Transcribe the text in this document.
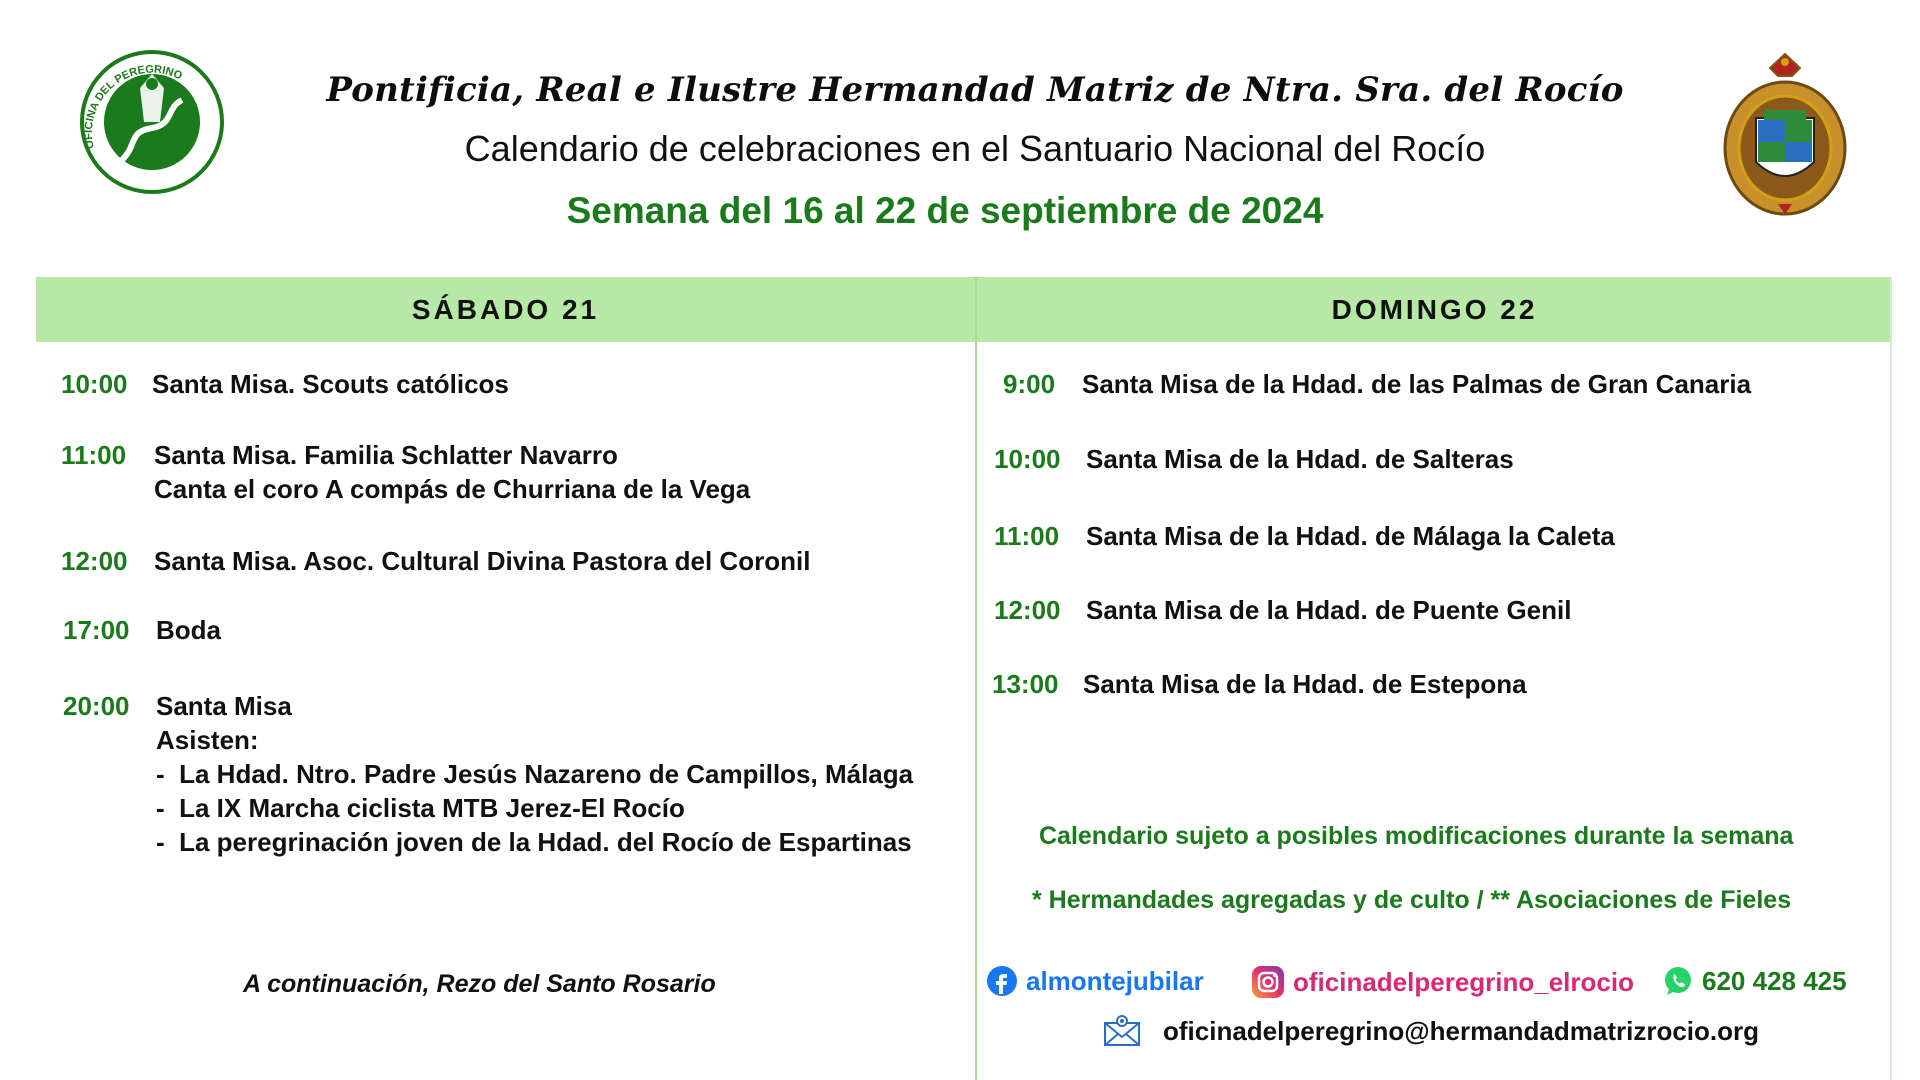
OFICINA DEL PEREGRINO	Pontificia, Real e Ilustre Hermandad Matriz de Ntra. Sra. del Rocío
Calendario de celebraciones en el Santuario Nacional del Rocío
Semana del 16 al 22 de septiembre de 2024
SÁBADO 21	DOMINGO 22
10:00 Santa Misa. Scouts católicos
11:00 Santa Misa. Familia Schlatter Navarro
Canta el coro A compás de Churriana de la Vega
12:00 Santa Misa. Asoc. Cultural Divina Pastora del Coronil
17:00 Boda
20:00 Santa Misa
Asisten:
-  La Hdad. Ntro. Padre Jesús Nazareno de Campillos, Málaga
-  La IX Marcha ciclista MTB Jerez-El Rocío
-  La peregrinación joven de la Hdad. del Rocío de Espartinas
A continuación, Rezo del Santo Rosario
9:00 Santa Misa de la Hdad. de las Palmas de Gran Canaria
10:00 Santa Misa de la Hdad. de Salteras
11:00 Santa Misa de la Hdad. de Málaga la Caleta
12:00 Santa Misa de la Hdad. de Puente Genil
13:00 Santa Misa de la Hdad. de Estepona
Calendario sujeto a posibles modificaciones durante la semana
* Hermandades agregadas y de culto / ** Asociaciones de Fieles
almontejubilar	oficinadelperegrino_elrocio	620 428 425
oficinadelperegrino@hermandadmatrizrocio.org
